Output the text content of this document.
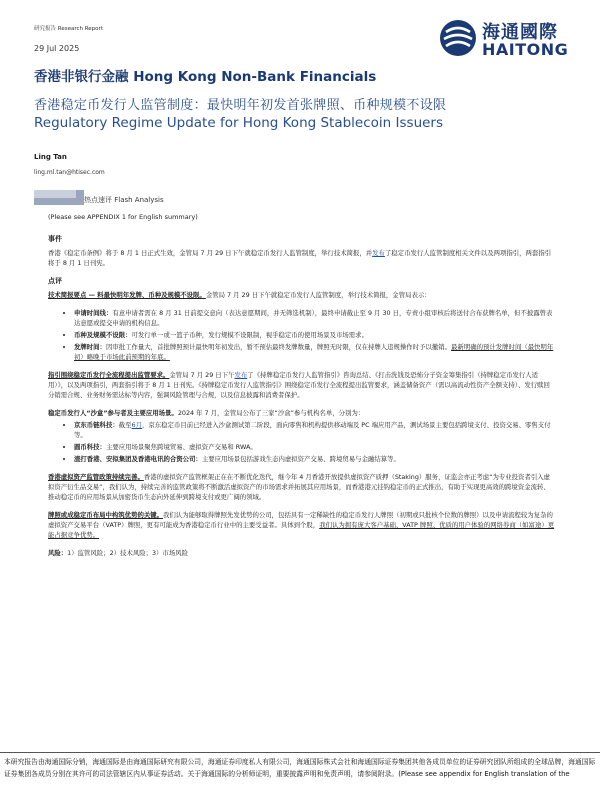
研究报告 Research Report
29 Jul 2025
海通國際
HAITONG
香港非银行金融 Hong Kong Non-Bank Financials
香港稳定币发行人监管制度：最快明年初发首张牌照、币种规模不设限
Regulatory Regime Update for Hong Kong Stablecoin Issuers
Ling Tan
ling.ml.tan@htisec.com
热点速评 Flash Analysis
(Please see APPENDIX 1 for English summary)
事件

香港《稳定币条例》将于 8 月 1 日正式生效，金管局 7 月 29 日下午就稳定币发行人监管制度，举行技术简报，并发布了稳定币发行人监管制度相关文件以及两项指引，两套指引将于 8 月 1 日刊宪。

点评

技术简报要点 — 料最快明年发牌、币种及规模不设限。金管局 7 月 29 日下午就稳定币发行人监管制度，举行技术简报，金管局表示：

• 申请时间线：有意申请者需在 8 月 31 日前提交意向（表达意愿期间，并无筛选机制），最终申请截止至 9 月 30 日，专责小组审核后将送付合布获牌名单，但不披露曾表达意愿或提交申请的机构信息。
• 币种及规模不设限：可发行单一或一篮子币种，发行规模不设限制，视乎稳定币的使用场景及市场需求。
• 发牌时间：因审批工作量大，首批牌照预计最快明年初发出，暂不预估最终发牌数量，牌照无时限，仅在持牌人违规操作时予以撤销。最新明确的预计发牌时间（最快明年初）略晚于市场此前预期的年底。

指引围绕稳定币发行全流程提出监管要求。金管局 7 月 29 日下午发布了《持牌稳定币发行人监管指引》咨询总结、《打击洗钱及恐怖分子资金筹集指引（持牌稳定币发行人适用）》，以及两项指引，两套指引将于 8 月 1 日刊宪。《持牌稳定币发行人监管指引》围绕稳定币发行全流程提出监管要求，涵盖储备资产（需以高流动性资产全额支持）、发行赎回分销需合规、业务财务需达标等内容，强调风险管理与合规，以及信息披露和消费者保护。

稳定币发行人“沙盒”参与者及主要应用场景。2024 年 7 月，金管局公布了三家“沙盒”参与机构名单，分别为：

• 京东币链科技：截至6月，京东稳定币目前已经进入沙盒测试第二阶段，面向零售和机构提供移动端及 PC 端应用产品，测试场景主要包括跨境支付、投资交易、零售支付等。
• 圆币科技：主要应用场景聚焦跨境贸易、虚拟资产交易和 RWA。
• 渣打香港、安拟集团及香港电讯的合资公司：主要应用场景包括游戏生态内虚拟资产交易、跨境贸易与金融结算等。

香港虚拟资产监管政策持续完善。香港的虚拟资产监管框架正在在不断优化迭代，继今年 4 月香港开放提供虚拟资产质押（Staking）服务，证监会亦正考虑“为专业投资者引入虚拟资产衍生品交易”，我们认为，持续完善的监管政策将不断激活虚拟资产的市场需求并拓展其应用场景，而香港港元挂钩稳定币的正式推出，有助于实现更高效的跨境资金流转、推动稳定币的应用场景从加密货币生态向外延伸到跨境支付或更广阔的领域。

牌照或成稳定币布局中构筑优势的关键。我们认为能够取得牌照先发优势的公司，包括具有一定稀缺性的稳定币发行人牌照（初期或只批核个位数的牌照）以及申请流程较为复杂的虚拟资产交易平台（VATP）牌照，更有可能成为香港稳定币行业中的主要受益者。具体到个股，我们认为拥有庞大客户基础、VATP 牌照、优质的用户体验的网络券商（如富途）更能占据竞争优势。

风险：1）监管风险；2）技术风险；3）市场风险

本研究报告由海通国际分销，海通国际是由海通国际研究有限公司，海通证券印度私人有限公司，海通国际株式会社和海通国际证券集团其他各成员单位的证券研究团队所组成的全球品牌，海通国际证券集团各成员分别在其许可的司法管辖区内从事证券活动。关于海通国际的分析师证明，重要披露声明和免责声明，请参阅附录。(Please see appendix for English translation of the
